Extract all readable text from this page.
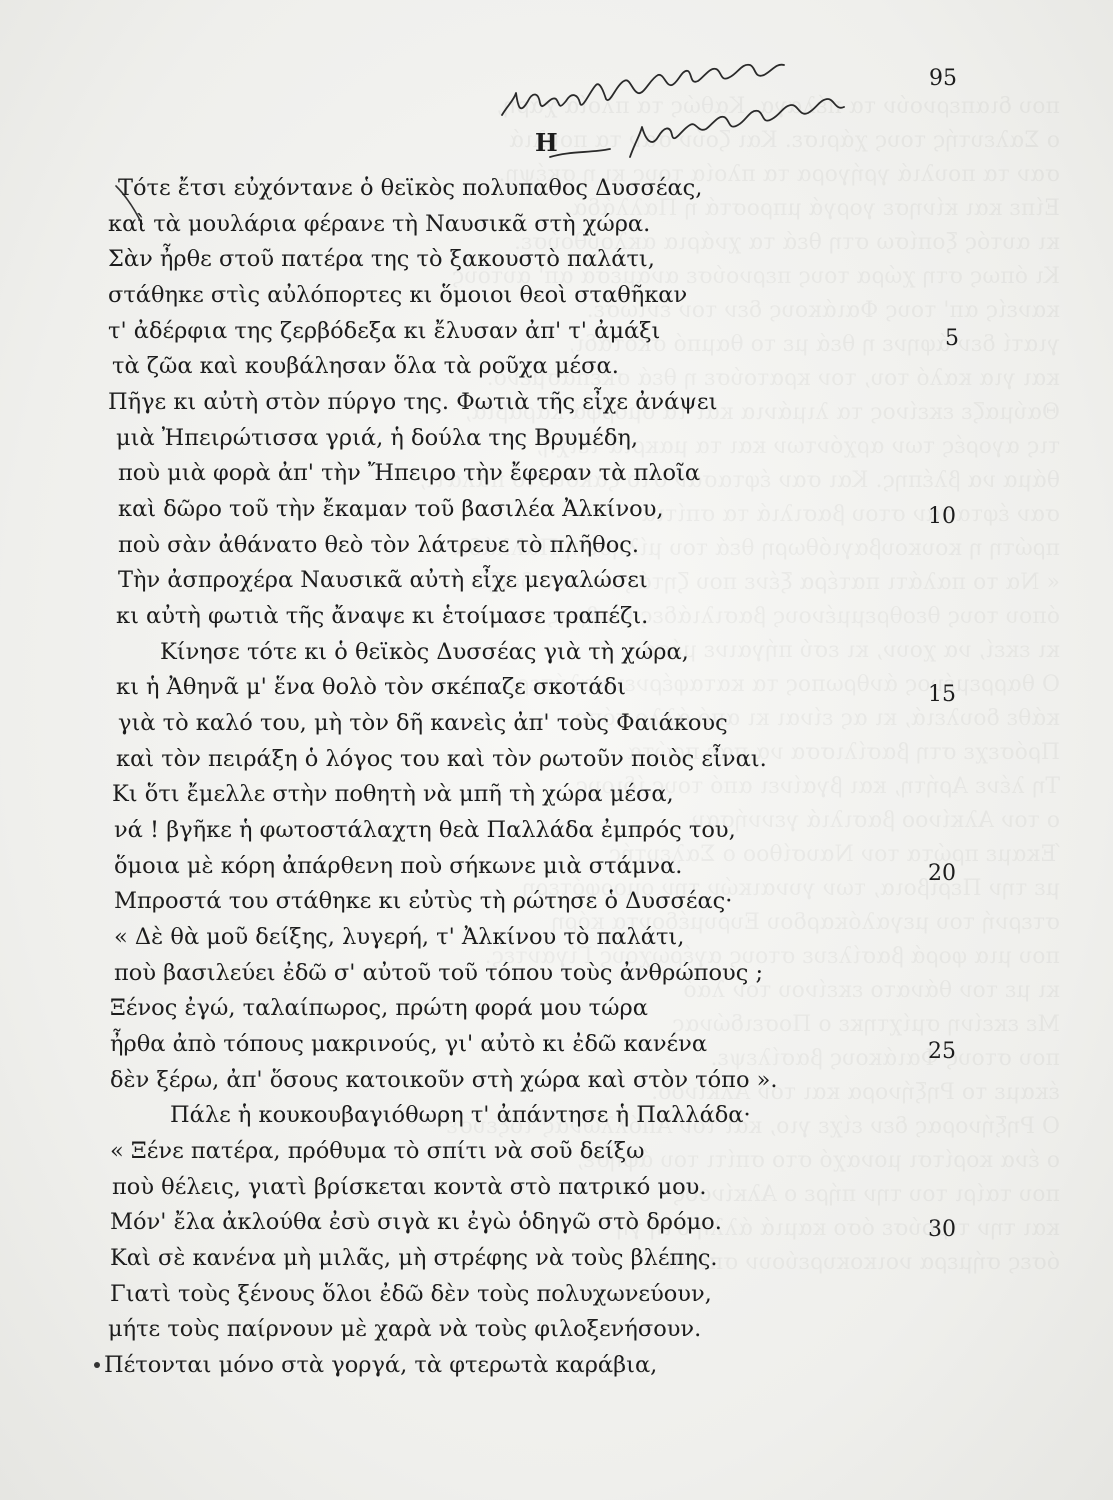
95
Η
Τότε ἔτσι εὐχόντανε ὁ θεϊκὸς πολυπαθος Δυσσέας,
καὶ τὰ μουλάρια φέρανε τὴ Ναυσικᾶ στὴ χώρα.
Σὰν ἦρθε στοῦ πατέρα της τὸ ξακουστὸ παλάτι,
στάθηκε στὶς αὐλόπορτες κι ὅμοιοι θεοὶ σταθῆκαν
τ' ἀδέρφια της ζερβόδεξα κι ἔλυσαν ἀπ' τ' ἀμάξι
τὰ ζῶα καὶ κουβάλησαν ὅλα τὰ ροῦχα μέσα.
Πῆγε κι αὐτὴ στὸν πύργο της. Φωτιὰ τῆς εἶχε ἀνάψει
μιὰ Ἠπειρώτισσα γριά, ἡ δούλα της Βρυμέδη,
ποὺ μιὰ φορὰ ἀπ' τὴν Ἤπειρο τὴν ἔφεραν τὰ πλοῖα
καὶ δῶρο τοῦ τὴν ἔκαμαν τοῦ βασιλέα Ἀλκίνου,
ποὺ σὰν ἀθάνατο θεὸ τὸν λάτρευε τὸ πλῆθος.
Τὴν ἀσπροχέρα Ναυσικᾶ αὐτὴ εἶχε μεγαλώσει
κι αὐτὴ φωτιὰ τῆς ἄναψε κι ἑτοίμασε τραπέζι.
Κίνησε τότε κι ὁ θεϊκὸς Δυσσέας γιὰ τὴ χώρα,
κι ἡ Ἀθηνᾶ μ' ἕνα θολὸ τὸν σκέπαζε σκοτάδι
γιὰ τὸ καλό του, μὴ τὸν δῆ κανεὶς ἀπ' τοὺς Φαιάκους
καὶ τὸν πειράξη ὁ λόγος του καὶ τὸν ρωτοῦν ποιὸς εἶναι.
Κι ὅτι ἔμελλε στὴν ποθητὴ νὰ μπῆ τὴ χώρα μέσα,
νά ! βγῆκε ἡ φωτοστάλαχτη θεὰ Παλλάδα ἐμπρός του,
ὅμοια μὲ κόρη ἀπάρθενη ποὺ σήκωνε μιὰ στάμνα.
Μπροστά του στάθηκε κι εὐτὺς τὴ ρώτησε ὁ Δυσσέας·
« Δὲ θὰ μοῦ δείξης, λυγερή, τ' Ἀλκίνου τὸ παλάτι,
ποὺ βασιλεύει ἐδῶ σ' αὐτοῦ τοῦ τόπου τοὺς ἀνθρώπους ;
Ξένος ἐγώ, ταλαίπωρος, πρώτη φορά μου τώρα
ἦρθα ἀπὸ τόπους μακρινούς, γι' αὐτὸ κι ἐδῶ κανένα
δὲν ξέρω, ἀπ' ὅσους κατοικοῦν στὴ χώρα καὶ στὸν τόπο ».
Πάλε ἡ κουκουβαγιόθωρη τ' ἀπάντησε ἡ Παλλάδα·
« Ξένε πατέρα, πρόθυμα τὸ σπίτι νὰ σοῦ δείξω
ποὺ θέλεις, γιατὶ βρίσκεται κοντὰ στὸ πατρικό μου.
Μόν' ἔλα ἀκλούθα ἐσὺ σιγὰ κι ἐγὼ ὁδηγῶ στὸ δρόμο.
Καὶ σὲ κανένα μὴ μιλᾶς, μὴ στρέφης νὰ τοὺς βλέπης.
Γιατὶ τοὺς ξένους ὅλοι ἐδῶ δὲν τοὺς πολυχωνεύουν,
μήτε τοὺς παίρνουν μὲ χαρὰ νὰ τοὺς φιλοξενήσουν.
Πέτονται μόνο στὰ γοργά, τὰ φτερωτὰ καράβια,
5
10
15
20
25
30
